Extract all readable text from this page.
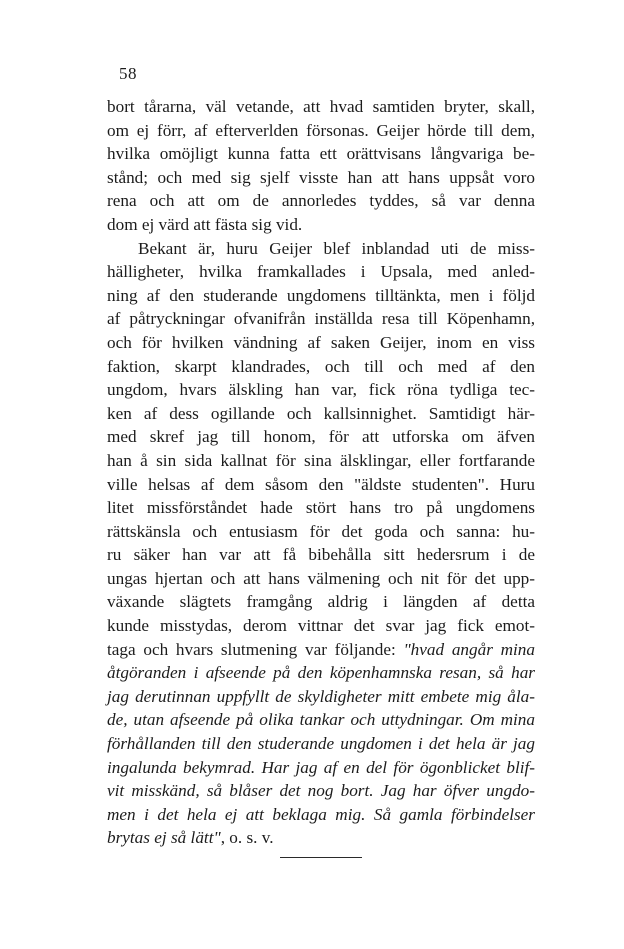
58
bort tårarna, väl vetande, att hvad samtiden bryter, skall,
om ej förr, af efterverlden försonas. Geijer hörde till dem,
hvilka omöjligt kunna fatta ett orättvisans långvariga be-
stånd; och med sig sjelf visste han att hans uppsåt voro
rena och att om de annorledes tyddes, så var denna
dom ej värd att fästa sig vid.
Bekant är, huru Geijer blef inblandad uti de miss-
hälligheter, hvilka framkallades i Upsala, med anled-
ning af den studerande ungdomens tilltänkta, men i följd
af påtryckningar ofvanifrån inställda resa till Köpenhamn,
och för hvilken vändning af saken Geijer, inom en viss
faktion, skarpt klandrades, och till och med af den
ungdom, hvars älskling han var, fick röna tydliga tec-
ken af dess ogillande och kallsinnighet. Samtidigt här-
med skref jag till honom, för att utforska om äfven
han å sin sida kallnat för sina älsklingar, eller fortfarande
ville helsas af dem såsom den "äldste studenten". Huru
litet missförståndet hade stört hans tro på ungdomens
rättskänsla och entusiasm för det goda och sanna: hu-
ru säker han var att få bibehålla sitt hedersrum i de
ungas hjertan och att hans välmening och nit för det upp-
växande slägtets framgång aldrig i längden af detta
kunde misstydas, derom vittnar det svar jag fick emot-
taga och hvars slutmening var följande: "hvad angår mina
åtgöranden i afseende på den köpenhamnska resan, så har
jag derutinnan uppfyllt de skyldigheter mitt embete mig åla-
de, utan afseende på olika tankar och uttydningar. Om mina
förhållanden till den studerande ungdomen i det hela är jag
ingalunda bekymrad. Har jag af en del för ögonblicket blif-
vit misskänd, så blåser det nog bort. Jag har öfver ungdo-
men i det hela ej att beklaga mig. Så gamla förbindelser
brytas ej så lätt", o. s. v.
